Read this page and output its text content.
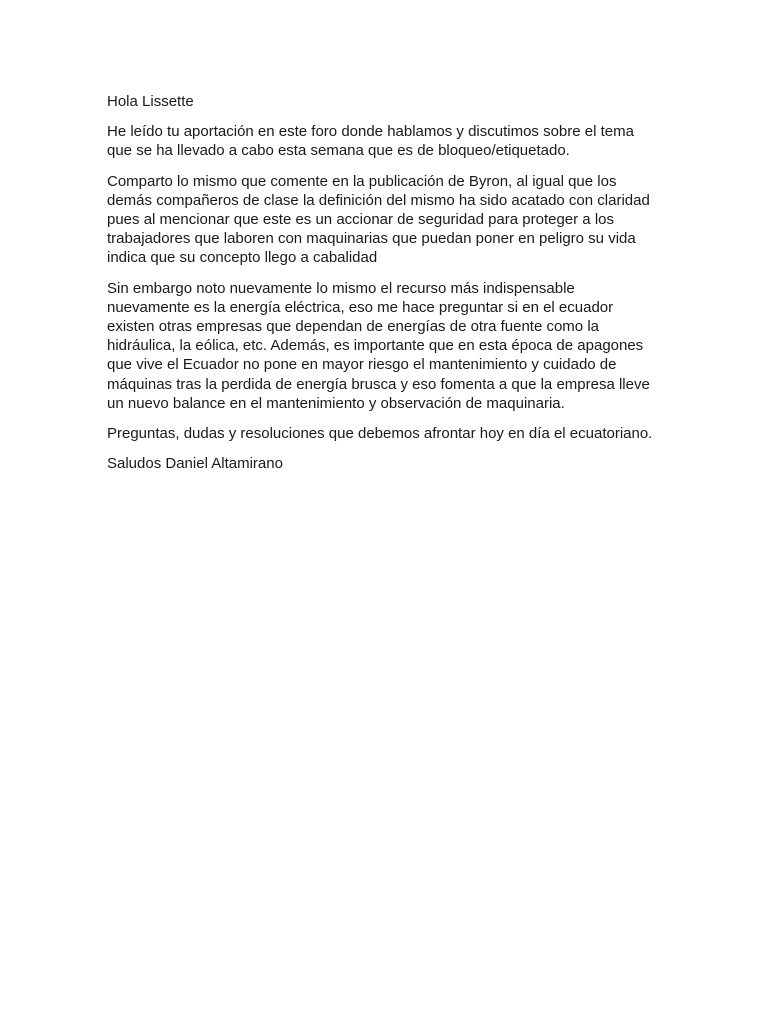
Hola Lissette

He leído tu aportación en este foro donde hablamos y discutimos sobre el tema
que se ha llevado a cabo esta semana que es de bloqueo/etiquetado.

Comparto lo mismo que comente en la publicación de Byron, al igual que los
demás compañeros de clase la definición del mismo ha sido acatado con claridad
pues al mencionar que este es un accionar de seguridad para proteger a los
trabajadores que laboren con maquinarias que puedan poner en peligro su vida
indica que su concepto llego a cabalidad

Sin embargo noto nuevamente lo mismo el recurso más indispensable
nuevamente es la energía eléctrica, eso me hace preguntar si en el ecuador
existen otras empresas que dependan de energías de otra fuente como la
hidráulica, la eólica, etc. Además, es importante que en esta época de apagones
que vive el Ecuador no pone en mayor riesgo el mantenimiento y cuidado de
máquinas tras la perdida de energía brusca y eso fomenta a que la empresa lleve
un nuevo balance en el mantenimiento y observación de maquinaria.

Preguntas, dudas y resoluciones que debemos afrontar hoy en día el ecuatoriano.

Saludos Daniel Altamirano
